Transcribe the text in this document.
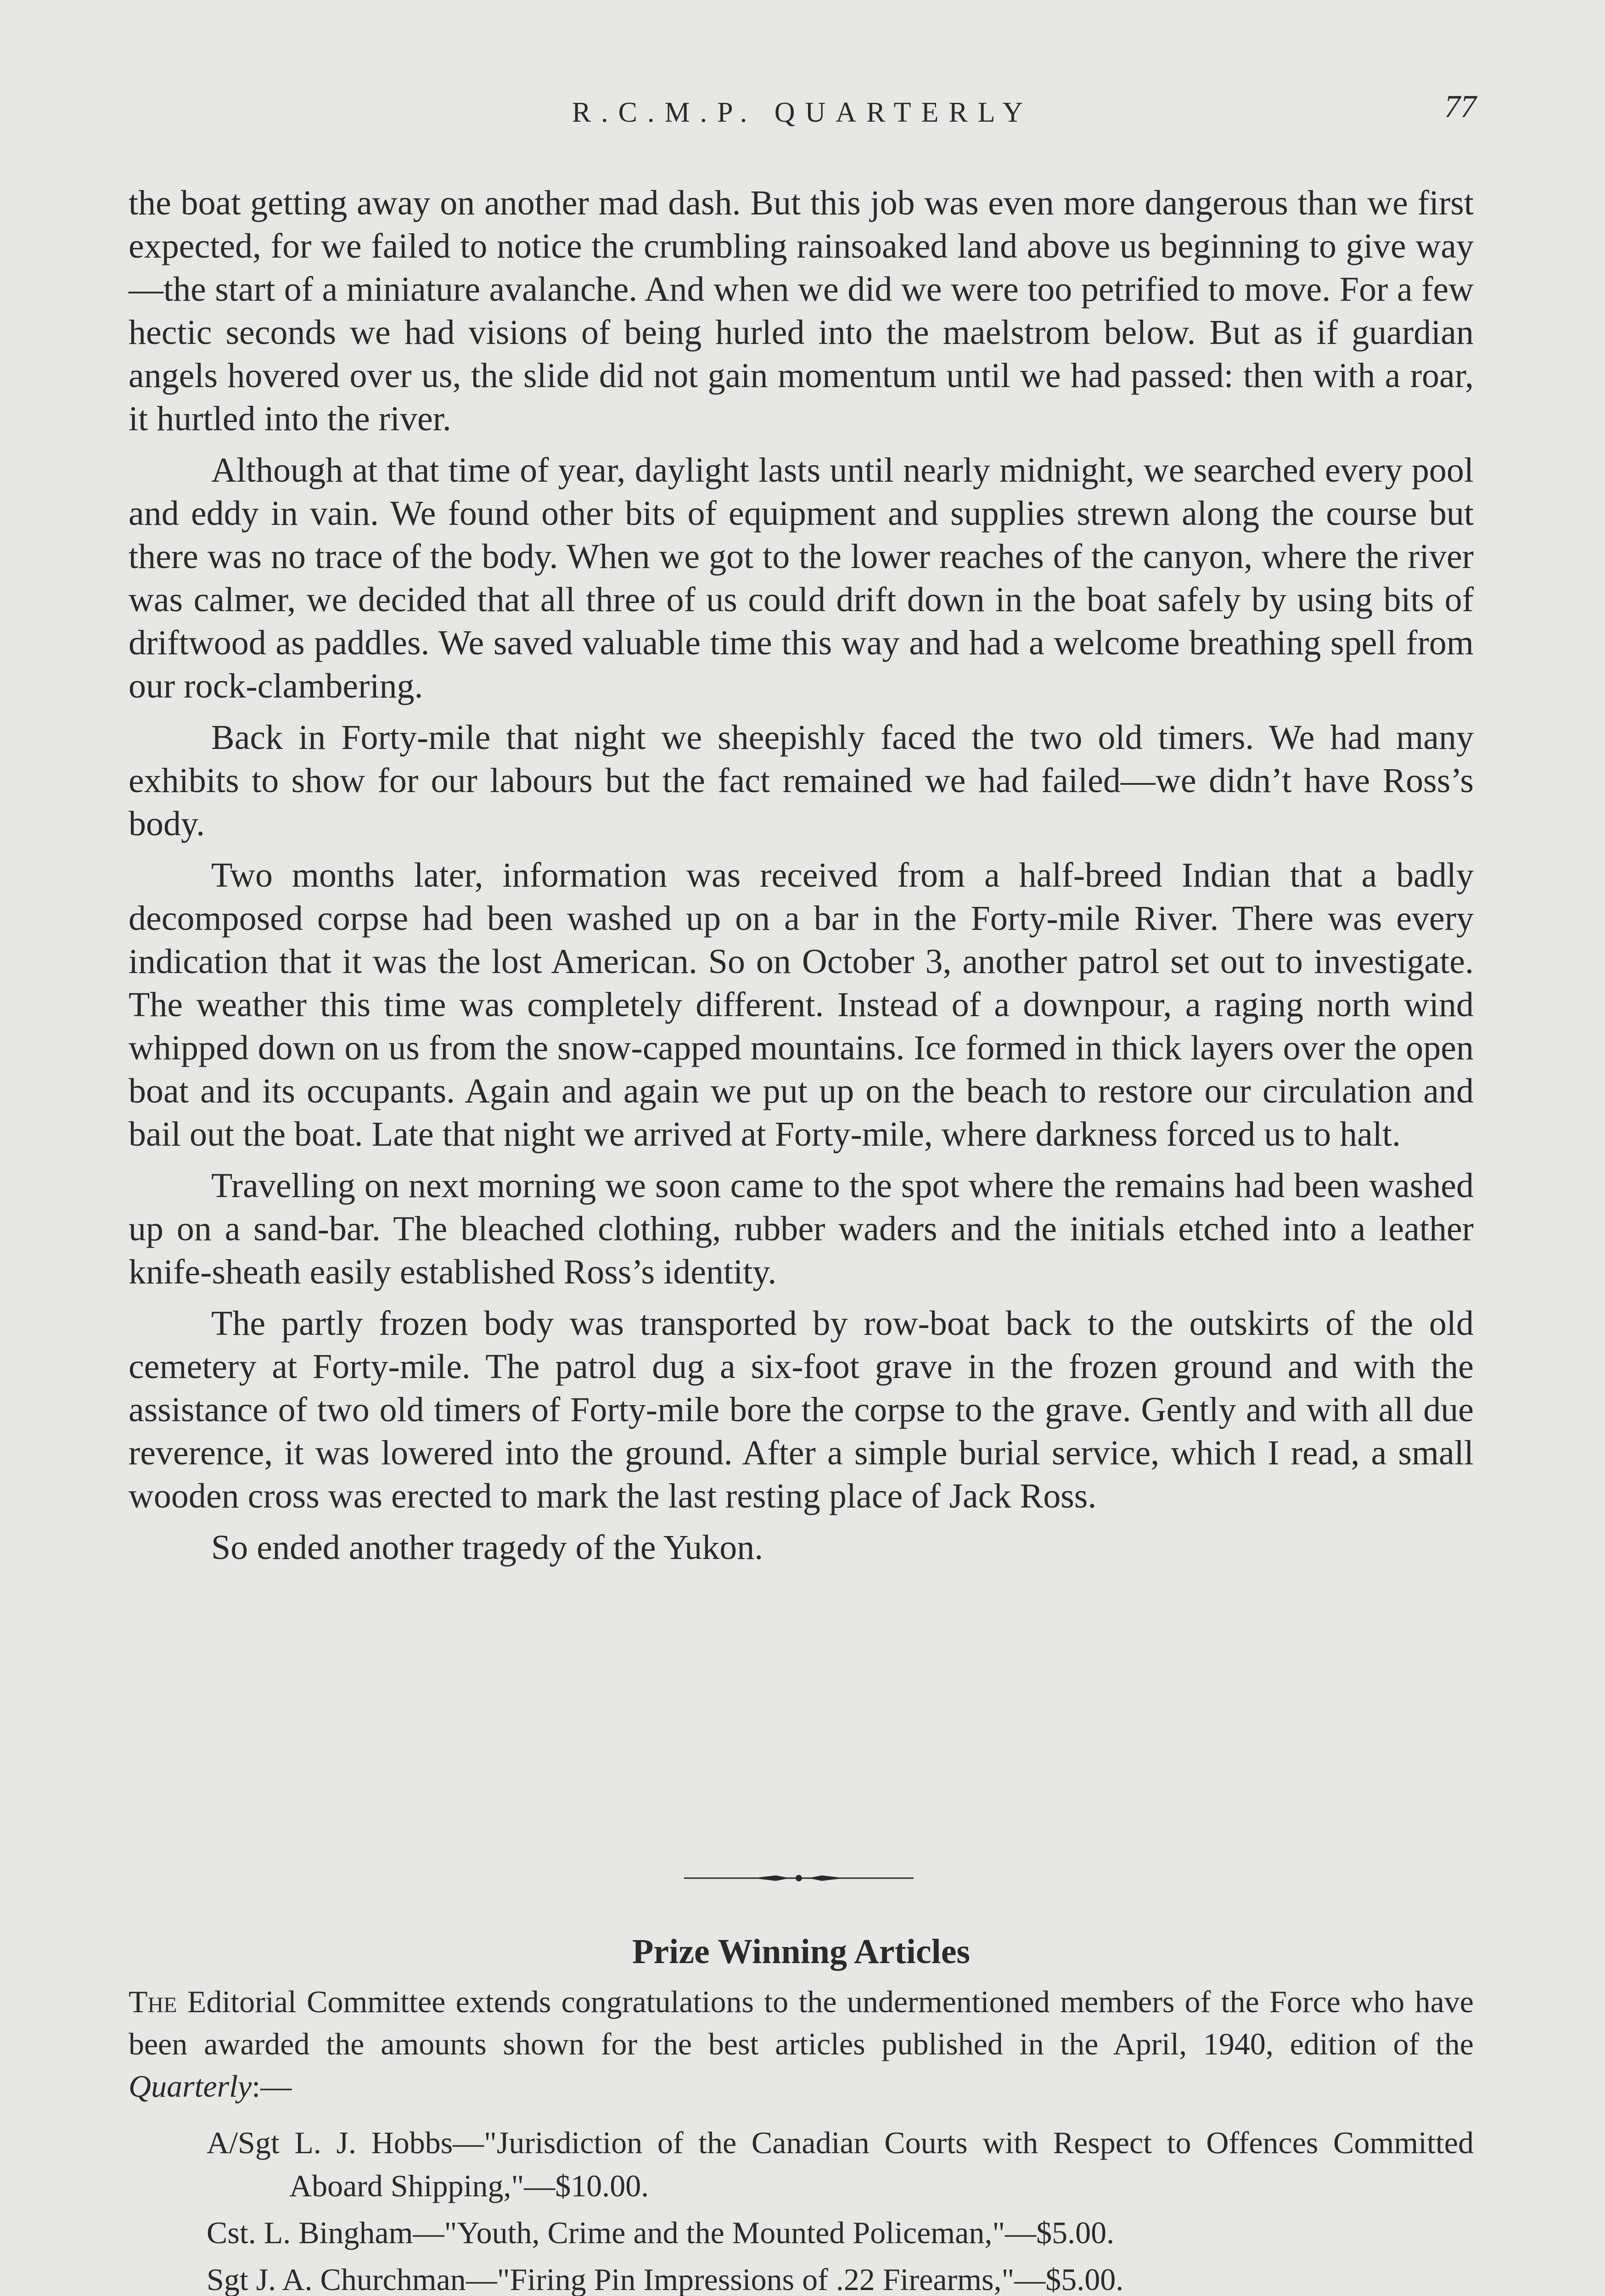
R.C.M.P. QUARTERLY	77

the boat getting away on another mad dash. But this job was even more dangerous than we first expected, for we failed to notice the crumbling rainsoaked land above us beginning to give way—the start of a miniature avalanche. And when we did we were too petrified to move. For a few hectic seconds we had visions of being hurled into the maelstrom below. But as if guardian angels hovered over us, the slide did not gain momentum until we had passed: then with a roar, it hurtled into the river.

Although at that time of year, daylight lasts until nearly midnight, we searched every pool and eddy in vain. We found other bits of equipment and supplies strewn along the course but there was no trace of the body. When we got to the lower reaches of the canyon, where the river was calmer, we decided that all three of us could drift down in the boat safely by using bits of driftwood as paddles. We saved valuable time this way and had a welcome breathing spell from our rock-clambering.

Back in Forty-mile that night we sheepishly faced the two old timers. We had many exhibits to show for our labours but the fact remained we had failed—we didn’t have Ross’s body.

Two months later, information was received from a half-breed Indian that a badly decomposed corpse had been washed up on a bar in the Forty-mile River. There was every indication that it was the lost American. So on October 3, another patrol set out to investigate. The weather this time was completely different. Instead of a downpour, a raging north wind whipped down on us from the snow-capped mountains. Ice formed in thick layers over the open boat and its occupants. Again and again we put up on the beach to restore our circulation and bail out the boat. Late that night we arrived at Forty-mile, where darkness forced us to halt.

Travelling on next morning we soon came to the spot where the remains had been washed up on a sand-bar. The bleached clothing, rubber waders and the initials etched into a leather knife-sheath easily established Ross’s identity.

The partly frozen body was transported by row-boat back to the outskirts of the old cemetery at Forty-mile. The patrol dug a six-foot grave in the frozen ground and with the assistance of two old timers of Forty-mile bore the corpse to the grave. Gently and with all due reverence, it was lowered into the ground. After a simple burial service, which I read, a small wooden cross was erected to mark the last resting place of Jack Ross.

So ended another tragedy of the Yukon.

Prize Winning Articles

The Editorial Committee extends congratulations to the undermentioned members of the Force who have been awarded the amounts shown for the best articles published in the April, 1940, edition of the Quarterly:—

A/Sgt L. J. Hobbs—"Jurisdiction of the Canadian Courts with Respect to Offences Committed Aboard Shipping,"—$10.00.
Cst. L. Bingham—"Youth, Crime and the Mounted Policeman,"—$5.00.
Sgt J. A. Churchman—"Firing Pin Impressions of .22 Firearms,"—$5.00.
